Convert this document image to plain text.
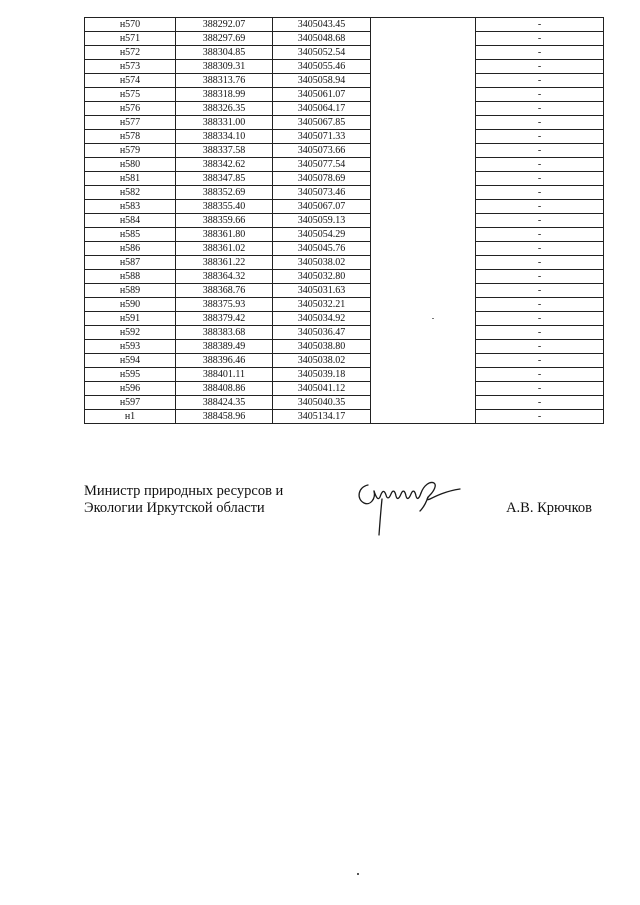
н570	388292.07	3405043.45		-
н571	388297.69	3405048.68		-
н572	388304.85	3405052.54		-
н573	388309.31	3405055.46		-
н574	388313.76	3405058.94		-
н575	388318.99	3405061.07		-
н576	388326.35	3405064.17		-
н577	388331.00	3405067.85		-
н578	388334.10	3405071.33		-
н579	388337.58	3405073.66		-
н580	388342.62	3405077.54		-
н581	388347.85	3405078.69		-
н582	388352.69	3405073.46		-
н583	388355.40	3405067.07		-
н584	388359.66	3405059.13		-
н585	388361.80	3405054.29		-
н586	388361.02	3405045.76		-
н587	388361.22	3405038.02		-
н588	388364.32	3405032.80		-
н589	388368.76	3405031.63		-
н590	388375.93	3405032.21		-
н591	388379.42	3405034.92		-
н592	388383.68	3405036.47		-
н593	388389.49	3405038.80		-
н594	388396.46	3405038.02		-
н595	388401.11	3405039.18		-
н596	388408.86	3405041.12		-
н597	388424.35	3405040.35		-
н1	388458.96	3405134.17		-
Министр природных ресурсов и
Экологии Иркутской области	А.В. Крючков
